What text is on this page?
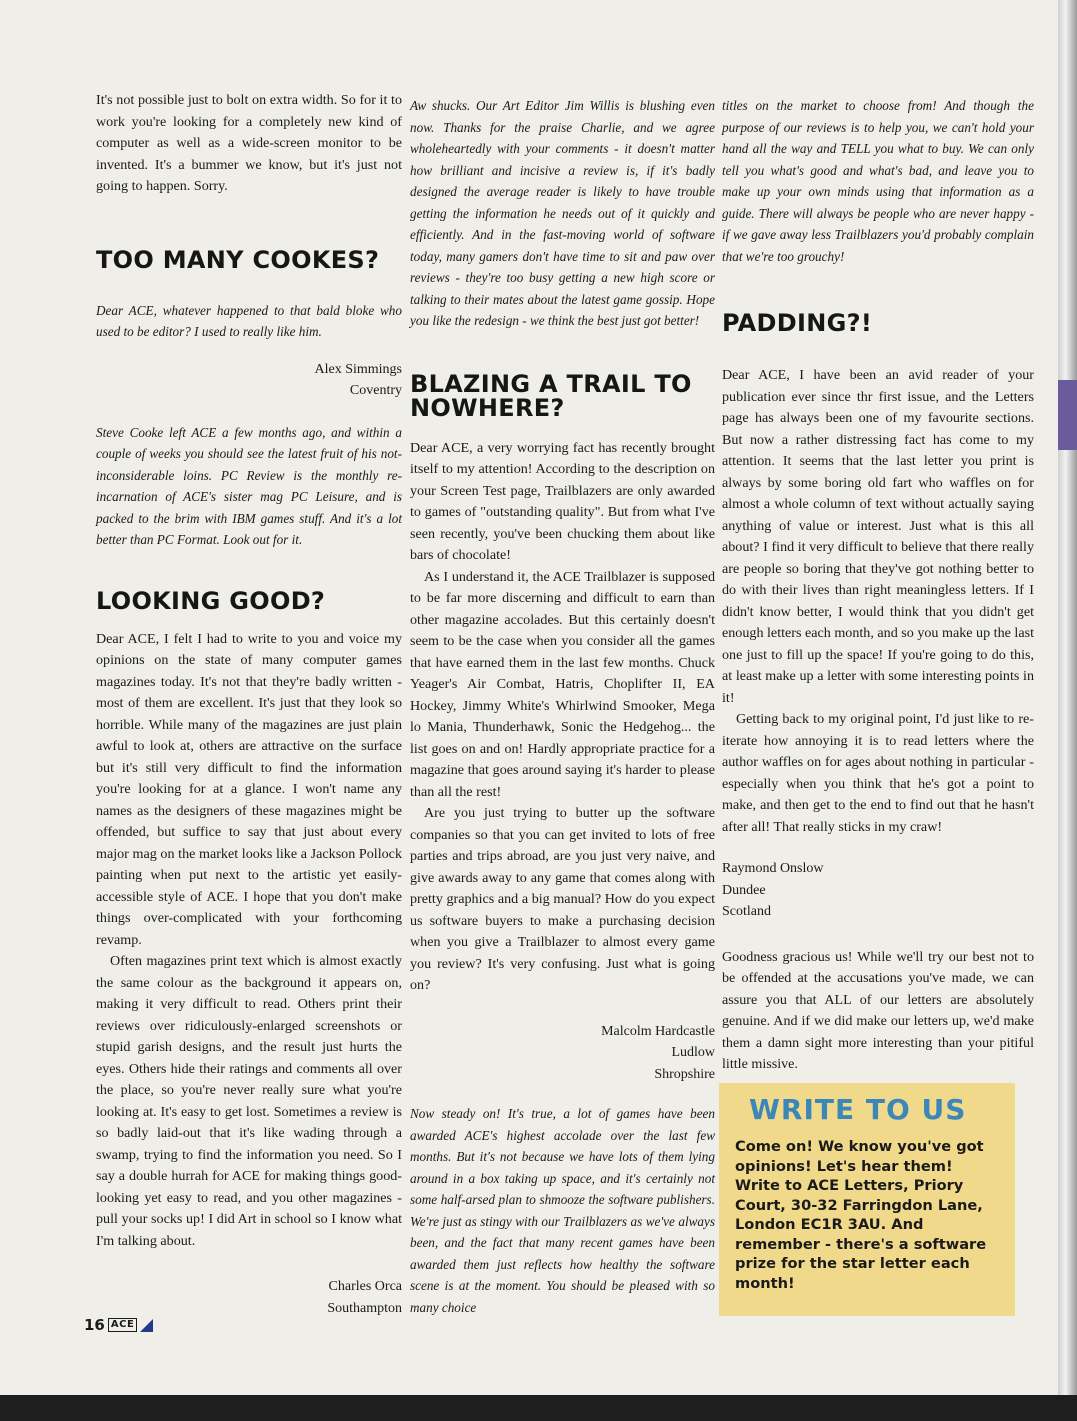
It's not possible just to bolt on extra width. So for it to work you're looking for a completely new kind of computer as well as a wide-screen monitor to be invented. It's a bummer we know, but it's just not going to happen. Sorry.

TOO MANY COOKES?

Dear ACE, whatever happened to that bald bloke who used to be editor? I used to really like him.

Alex Simmings

Coventry

Steve Cooke left ACE a few months ago, and within a couple of weeks you should see the latest fruit of his not-inconsiderable loins. PC Review is the monthly re-incarnation of ACE's sister mag PC Leisure, and is packed to the brim with IBM games stuff. And it's a lot better than PC Format. Look out for it.

LOOKING GOOD?

Dear ACE, I felt I had to write to you and voice my opinions on the state of many computer games magazines today. It's not that they're badly written - most of them are excellent. It's just that they look so horrible. While many of the magazines are just plain awful to look at, others are attractive on the surface but it's still very difficult to find the information you're looking for at a glance. I won't name any names as the designers of these magazines might be offended, but suffice to say that just about every major mag on the market looks like a Jackson Pollock painting when put next to the artistic yet easily-accessible style of ACE. I hope that you don't make things over-complicated with your forthcoming revamp.

Often magazines print text which is almost exactly the same colour as the background it appears on, making it very difficult to read. Others print their reviews over ridiculously-enlarged screenshots or stupid garish designs, and the result just hurts the eyes. Others hide their ratings and comments all over the place, so you're never really sure what you're looking at. It's easy to get lost. Sometimes a review is so badly laid-out that it's like wading through a swamp, trying to find the information you need. So I say a double hurrah for ACE for making things good-looking yet easy to read, and you other magazines - pull your socks up! I did Art in school so I know what I'm talking about.

Charles Orca

Southampton

Aw shucks. Our Art Editor Jim Willis is blushing even now. Thanks for the praise Charlie, and we agree wholeheartedly with your comments - it doesn't matter how brilliant and incisive a review is, if it's badly designed the average reader is likely to have trouble getting the information he needs out of it quickly and efficiently. And in the fast-moving world of software today, many gamers don't have time to sit and paw over reviews - they're too busy getting a new high score or talking to their mates about the latest game gossip. Hope you like the redesign - we think the best just got better!

BLAZING A TRAIL TO NOWHERE?

Dear ACE, a very worrying fact has recently brought itself to my attention! According to the description on your Screen Test page, Trailblazers are only awarded to games of "outstanding quality". But from what I've seen recently, you've been chucking them about like bars of chocolate!

As I understand it, the ACE Trailblazer is supposed to be far more discerning and difficult to earn than other magazine accolades. But this certainly doesn't seem to be the case when you consider all the games that have earned them in the last few months. Chuck Yeager's Air Combat, Hatris, Choplifter II, EA Hockey, Jimmy White's Whirlwind Smooker, Mega lo Mania, Thunderhawk, Sonic the Hedgehog... the list goes on and on! Hardly appropriate practice for a magazine that goes around saying it's harder to please than all the rest!

Are you just trying to butter up the software companies so that you can get invited to lots of free parties and trips abroad, are you just very naive, and give awards away to any game that comes along with pretty graphics and a big manual? How do you expect us software buyers to make a purchasing decision when you give a Trailblazer to almost every game you review? It's very confusing. Just what is going on?

Malcolm Hardcastle

Ludlow

Shropshire

Now steady on! It's true, a lot of games have been awarded ACE's highest accolade over the last few months. But it's not because we have lots of them lying around in a box taking up space, and it's certainly not some half-arsed plan to shmooze the software publishers. We're just as stingy with our Trailblazers as we've always been, and the fact that many recent games have been awarded them just reflects how healthy the software scene is at the moment. You should be pleased with so many choice

titles on the market to choose from! And though the purpose of our reviews is to help you, we can't hold your hand all the way and TELL you what to buy. We can only tell you what's good and what's bad, and leave you to make up your own minds using that information as a guide. There will always be people who are never happy - if we gave away less Trailblazers you'd probably complain that we're too grouchy!

PADDING?!

Dear ACE, I have been an avid reader of your publication ever since thr first issue, and the Letters page has always been one of my favourite sections. But now a rather distressing fact has come to my attention. It seems that the last letter you print is always by some boring old fart who waffles on for almost a whole column of text without actually saying anything of value or interest. Just what is this all about? I find it very difficult to believe that there really are people so boring that they've got nothing better to do with their lives than right meaningless letters. If I didn't know better, I would think that you didn't get enough letters each month, and so you make up the last one just to fill up the space! If you're going to do this, at least make up a letter with some interesting points in it!

Getting back to my original point, I'd just like to re-iterate how annoying it is to read letters where the author waffles on for ages about nothing in particular - especially when you think that he's got a point to make, and then get to the end to find out that he hasn't after all! That really sticks in my craw!

Raymond Onslow

Dundee

Scotland

Goodness gracious us! While we'll try our best not to be offended at the accusations you've made, we can assure you that ALL of our letters are absolutely genuine. And if we did make our letters up, we'd make them a damn sight more interesting than your pitiful little missive.

WRITE TO US
Come on! We know you've got opinions! Let's hear them! Write to ACE Letters, Priory Court, 30-32 Farringdon Lane, London EC1R 3AU. And remember - there's a software prize for the star letter each month!
16 ACE
